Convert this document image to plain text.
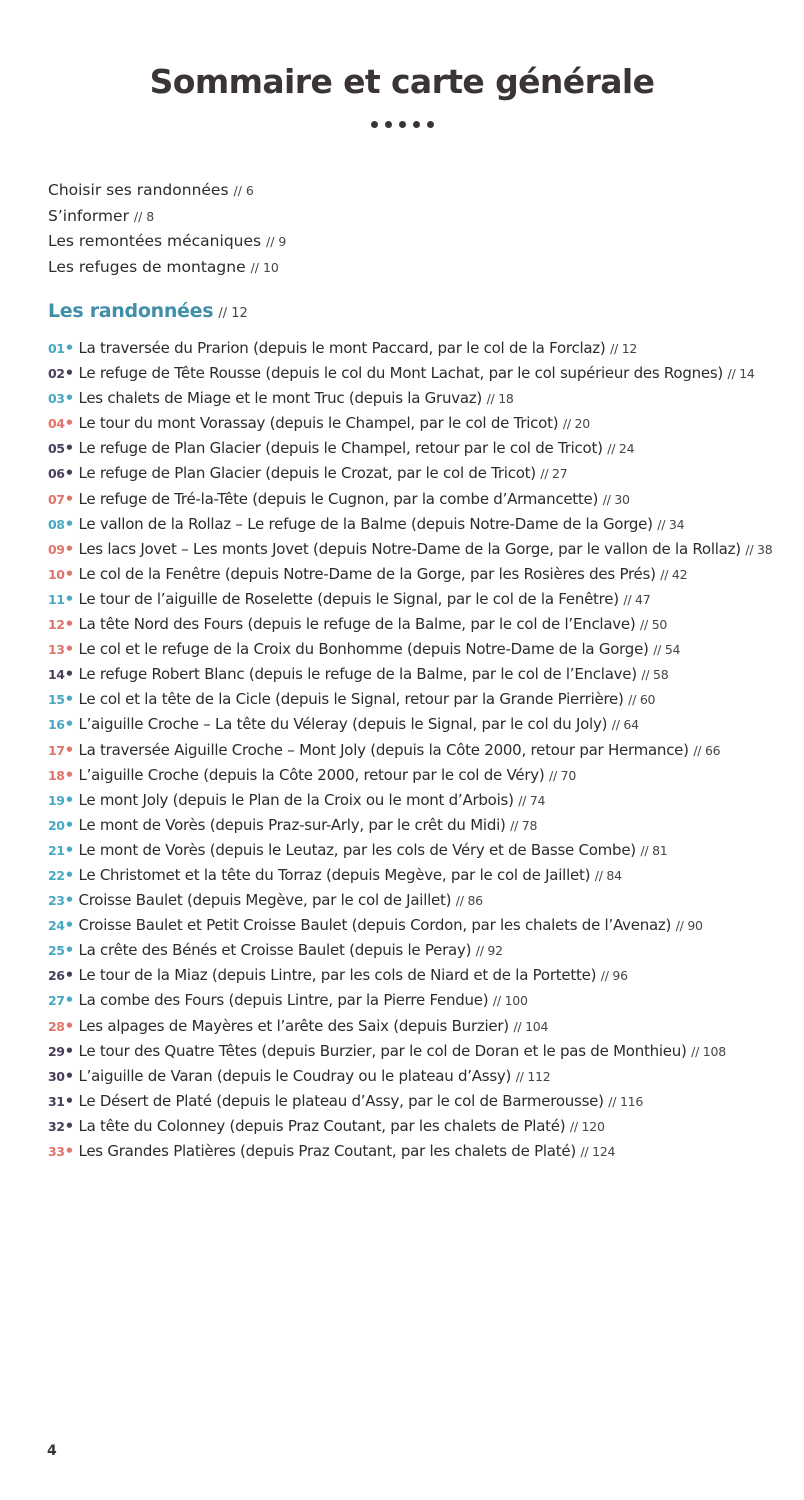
Sommaire et carte générale
Choisir ses randonnées // 6
S’informer // 8
Les remontées mécaniques // 9
Les refuges de montagne // 10
Les randonnées // 12
01• La traversée du Prarion (depuis le mont Paccard, par le col de la Forclaz) // 12
02• Le refuge de Tête Rousse (depuis le col du Mont Lachat, par le col supérieur des Rognes) // 14
03• Les chalets de Miage et le mont Truc (depuis la Gruvaz) // 18
04• Le tour du mont Vorassay (depuis le Champel, par le col de Tricot) // 20
05• Le refuge de Plan Glacier (depuis le Champel, retour par le col de Tricot) // 24
06• Le refuge de Plan Glacier (depuis le Crozat, par le col de Tricot) // 27
07• Le refuge de Tré-la-Tête (depuis le Cugnon, par la combe d’Armancette) // 30
08• Le vallon de la Rollaz – Le refuge de la Balme (depuis Notre-Dame de la Gorge) // 34
09• Les lacs Jovet – Les monts Jovet (depuis Notre-Dame de la Gorge, par le vallon de la Rollaz) // 38
10• Le col de la Fenêtre (depuis Notre-Dame de la Gorge, par les Rosières des Prés) // 42
11• Le tour de l’aiguille de Roselette (depuis le Signal, par le col de la Fenêtre) // 47
12• La tête Nord des Fours (depuis le refuge de la Balme, par le col de l’Enclave) // 50
13• Le col et le refuge de la Croix du Bonhomme (depuis Notre-Dame de la Gorge) // 54
14• Le refuge Robert Blanc (depuis le refuge de la Balme, par le col de l’Enclave) // 58
15• Le col et la tête de la Cicle (depuis le Signal, retour par la Grande Pierrière) // 60
16• L’aiguille Croche – La tête du Véleray (depuis le Signal, par le col du Joly) // 64
17• La traversée Aiguille Croche – Mont Joly (depuis la Côte 2000, retour par Hermance) // 66
18• L’aiguille Croche (depuis la Côte 2000, retour par le col de Véry) // 70
19• Le mont Joly (depuis le Plan de la Croix ou le mont d’Arbois) // 74
20• Le mont de Vorès (depuis Praz-sur-Arly, par le crêt du Midi) // 78
21• Le mont de Vorès (depuis le Leutaz, par les cols de Véry et de Basse Combe) // 81
22• Le Christomet et la tête du Torraz (depuis Megève, par le col de Jaillet) // 84
23• Croisse Baulet (depuis Megève, par le col de Jaillet) // 86
24• Croisse Baulet et Petit Croisse Baulet (depuis Cordon, par les chalets de l’Avenaz) // 90
25• La crête des Bénés et Croisse Baulet (depuis le Peray) // 92
26• Le tour de la Miaz (depuis Lintre, par les cols de Niard et de la Portette) // 96
27• La combe des Fours (depuis Lintre, par la Pierre Fendue) // 100
28• Les alpages de Mayères et l’arête des Saix (depuis Burzier) // 104
29• Le tour des Quatre Têtes (depuis Burzier, par le col de Doran et le pas de Monthieu) // 108
30• L’aiguille de Varan (depuis le Coudray ou le plateau d’Assy) // 112
31• Le Désert de Platé (depuis le plateau d’Assy, par le col de Barmerousse) // 116
32• La tête du Colonney (depuis Praz Coutant, par les chalets de Platé) // 120
33• Les Grandes Platières (depuis Praz Coutant, par les chalets de Platé) // 124
4
